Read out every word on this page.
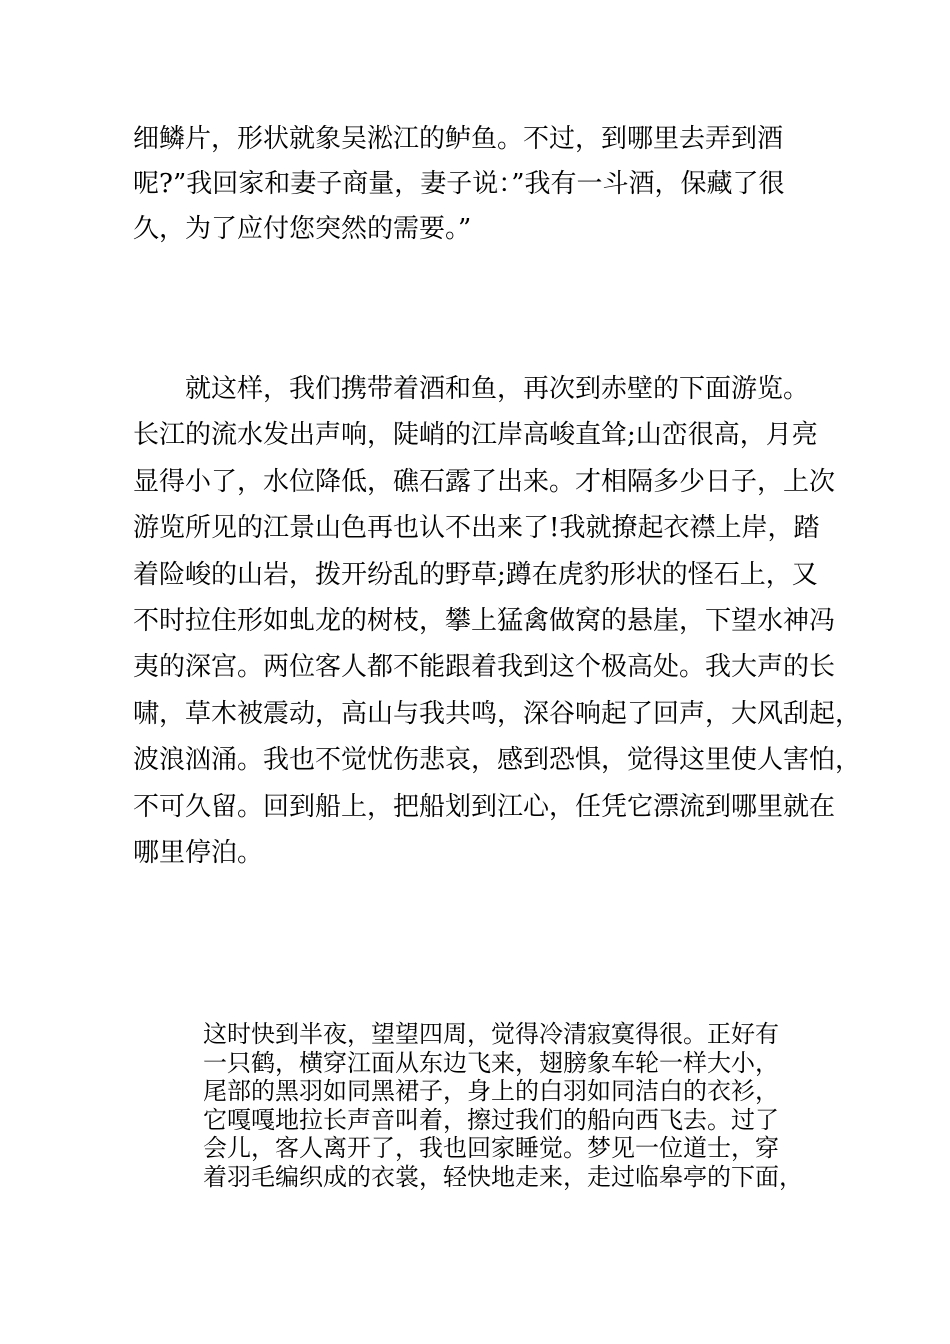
细鳞片，形状就象吴淞江的鲈鱼。不过，到哪里去弄到酒
呢?”我回家和妻子商量，妻子说：”我有一斗酒，保藏了很
久，为了应付您突然的需要。”
　　就这样，我们携带着酒和鱼，再次到赤壁的下面游览。
长江的流水发出声响，陡峭的江岸高峻直耸;山峦很高，月亮
显得小了，水位降低，礁石露了出来。才相隔多少日子，上次
游览所见的江景山色再也认不出来了!我就撩起衣襟上岸，踏
着险峻的山岩，拨开纷乱的野草;蹲在虎豹形状的怪石上，又
不时拉住形如虬龙的树枝，攀上猛禽做窝的悬崖，下望水神冯
夷的深宫。两位客人都不能跟着我到这个极高处。我大声的长
啸，草木被震动，高山与我共鸣，深谷响起了回声，大风刮起，
波浪汹涌。我也不觉忧伤悲哀，感到恐惧，觉得这里使人害怕，
不可久留。回到船上，把船划到江心，任凭它漂流到哪里就在
哪里停泊。
这时快到半夜，望望四周，觉得冷清寂寞得很。正好有
一只鹤，横穿江面从东边飞来，翅膀象车轮一样大小，
尾部的黑羽如同黑裙子，身上的白羽如同洁白的衣衫，
它嘎嘎地拉长声音叫着，擦过我们的船向西飞去。过了
会儿，客人离开了，我也回家睡觉。梦见一位道士，穿
着羽毛编织成的衣裳，轻快地走来，走过临皋亭的下面，
